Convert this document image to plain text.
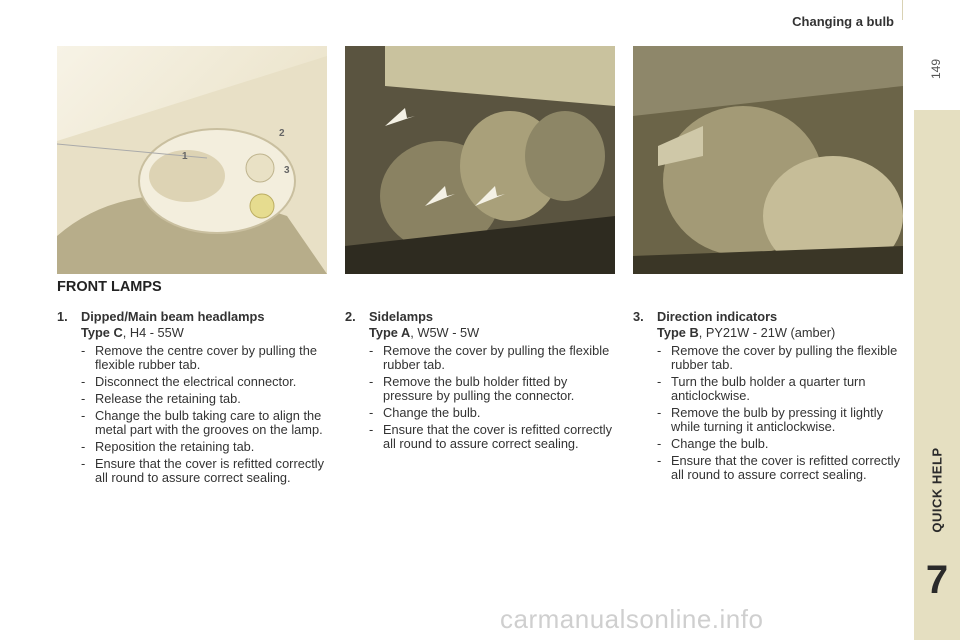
Changing a bulb
149
QUICK HELP
7
1
2
3
FRONT LAMPS
1. Dipped/Main beam headlamps
Type C, H4 - 55W
- Remove the centre cover by pulling the flexible rubber tab.
- Disconnect the electrical connector.
- Release the retaining tab.
- Change the bulb taking care to align the metal part with the grooves on the lamp.
- Reposition the retaining tab.
- Ensure that the cover is refitted correctly all round to assure correct sealing.
2. Sidelamps
Type A, W5W - 5W
- Remove the cover by pulling the flexible rubber tab.
- Remove the bulb holder fitted by pressure by pulling the connector.
- Change the bulb.
- Ensure that the cover is refitted correctly all round to assure correct sealing.
3. Direction indicators
Type B, PY21W - 21W (amber)
- Remove the cover by pulling the flexible rubber tab.
- Turn the bulb holder a quarter turn anticlockwise.
- Remove the bulb by pressing it lightly while turning it anticlockwise.
- Change the bulb.
- Ensure that the cover is refitted correctly all round to assure correct sealing.
carmanualsonline.info
